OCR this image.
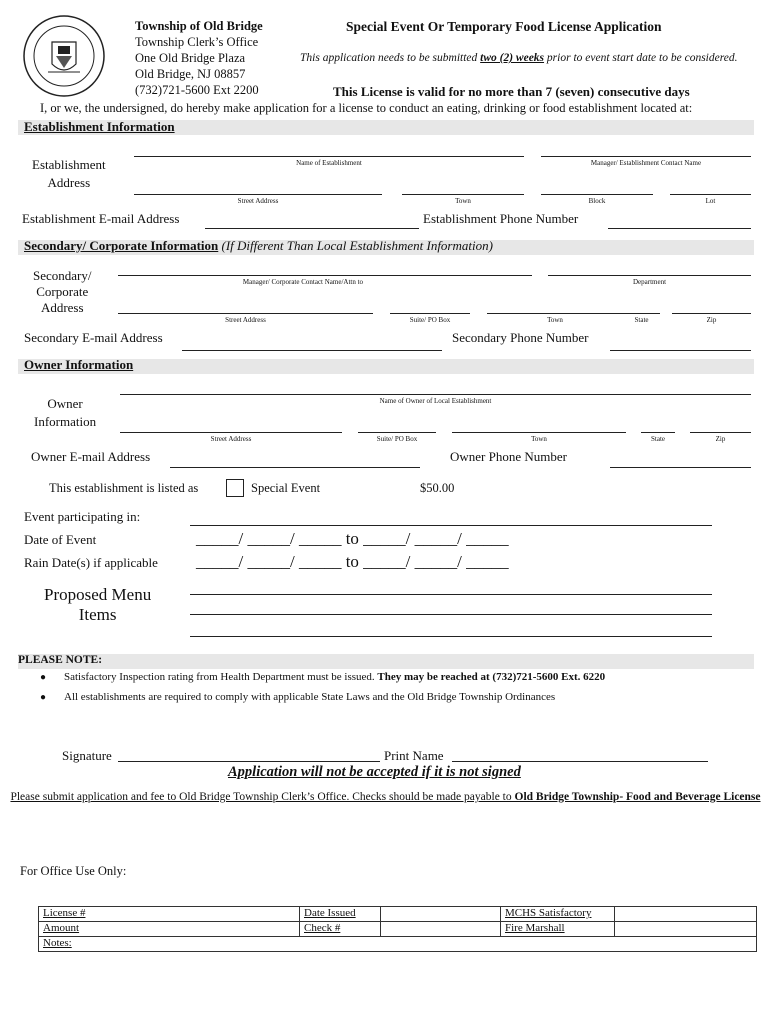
Township of Old Bridge
Township Clerk’s Office
One Old Bridge Plaza
Old Bridge, NJ 08857
(732)721-5600 Ext 2200
Special Event Or Temporary Food License Application
This application needs to be submitted two (2) weeks prior to event start date to be considered.
This License is valid for no more than 7 (seven) consecutive days
I, or we, the undersigned, do hereby make application for a license to conduct an eating, drinking or food establishment located at:
Establishment Information
Establishment
Address
Name of Establishment	Manager/ Establishment Contact Name
Street Address	Town	Block	Lot
Establishment E-mail Address	Establishment Phone Number
Secondary/ Corporate Information (If Different Than Local Establishment Information)
Secondary/
Corporate
Address
Manager/ Corporate Contact Name/Attn to	Department
Street Address	Suite/ PO Box	Town	State	Zip
Secondary E-mail Address	Secondary Phone Number
Owner Information
Owner
Information
Name of Owner of Local Establishment
Street Address	Suite/ PO Box	Town	State	Zip
Owner E-mail Address	Owner Phone Number
This establishment is listed as	Special Event	$50.00
Event participating in:
Date of Event	_____/ _____/ _____ to _____/ _____/ _____
Rain Date(s) if applicable _____/ _____/ _____ to _____/ _____/ _____
Proposed Menu
Items
PLEASE NOTE:
● Satisfactory Inspection rating from Health Department must be issued. They may be reached at (732)721-5600 Ext. 6220
● All establishments are required to comply with applicable State Laws and the Old Bridge Township Ordinances
Signature	Print Name
Application will not be accepted if it is not signed
Please submit application and fee to Old Bridge Township Clerk’s Office. Checks should be made payable to Old Bridge Township- Food and Beverage License
For Office Use Only:
License #	Date Issued		MCHS Satisfactory	
Amount	Check #		Fire Marshall	
Notes:				
